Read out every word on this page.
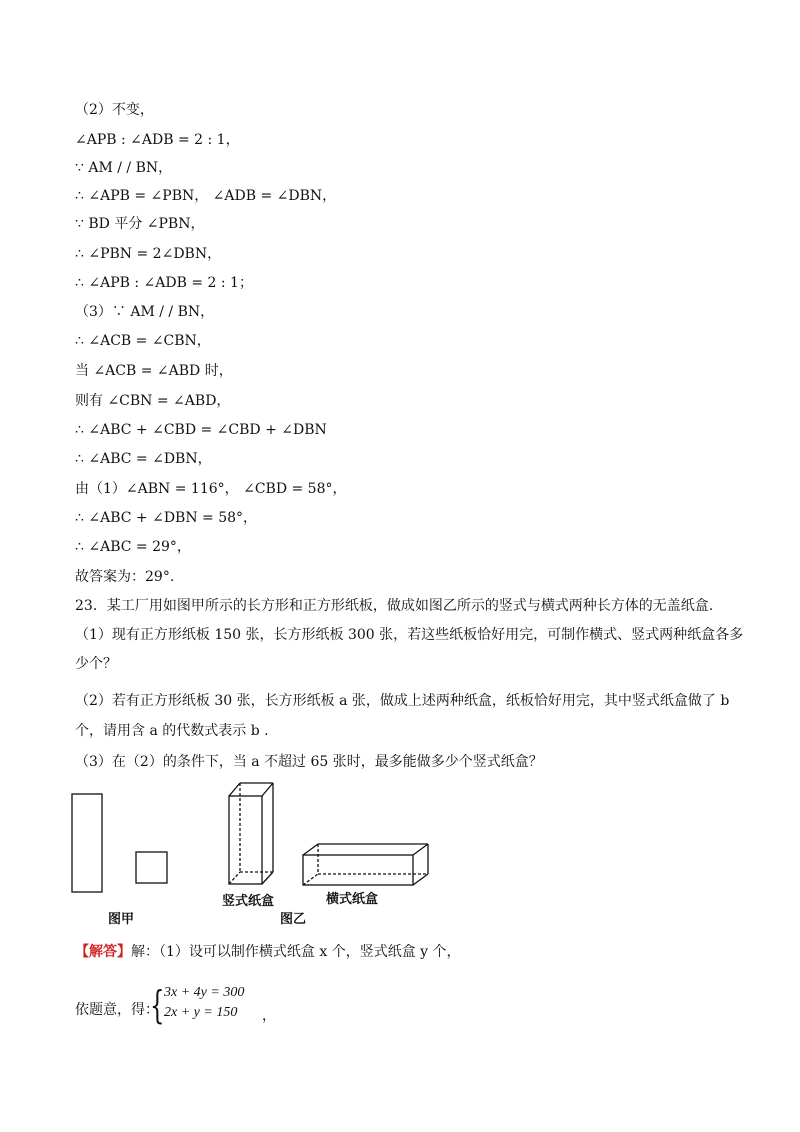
（2）不变，
∠APB : ∠ADB = 2 : 1，
∵ AM / / BN，
∴ ∠APB = ∠PBN， ∠ADB = ∠DBN，
∵ BD 平分 ∠PBN，
∴ ∠PBN = 2∠DBN，
∴ ∠APB : ∠ADB = 2 : 1；
（3）∵ AM / / BN，
∴ ∠ACB = ∠CBN，
当 ∠ACB = ∠ABD 时，
则有 ∠CBN = ∠ABD，
∴ ∠ABC + ∠CBD = ∠CBD + ∠DBN
∴ ∠ABC = ∠DBN，
由（1）∠ABN = 116°， ∠CBD = 58°，
∴ ∠ABC + ∠DBN = 58°，
∴ ∠ABC = 29°，
故答案为：29°.
23．某工厂用如图甲所示的长方形和正方形纸板，做成如图乙所示的竖式与横式两种长方体的无盖纸盒.
（1）现有正方形纸板 150 张，长方形纸板 300 张，若这些纸板恰好用完，可制作横式、竖式两种纸盒各多
少个？
（2）若有正方形纸板 30 张，长方形纸板 a 张，做成上述两种纸盒，纸板恰好用完，其中竖式纸盒做了 b
个，请用含 a 的代数式表示 b .
（3）在（2）的条件下，当 a 不超过 65 张时，最多能做多少个竖式纸盒？
竖式纸盒	横式纸盒
图甲	图乙
【解答】解：（1）设可以制作横式纸盒 x 个，竖式纸盒 y 个，
依题意，得：
{ 3x + 4y = 300
2x + y = 150 ，
